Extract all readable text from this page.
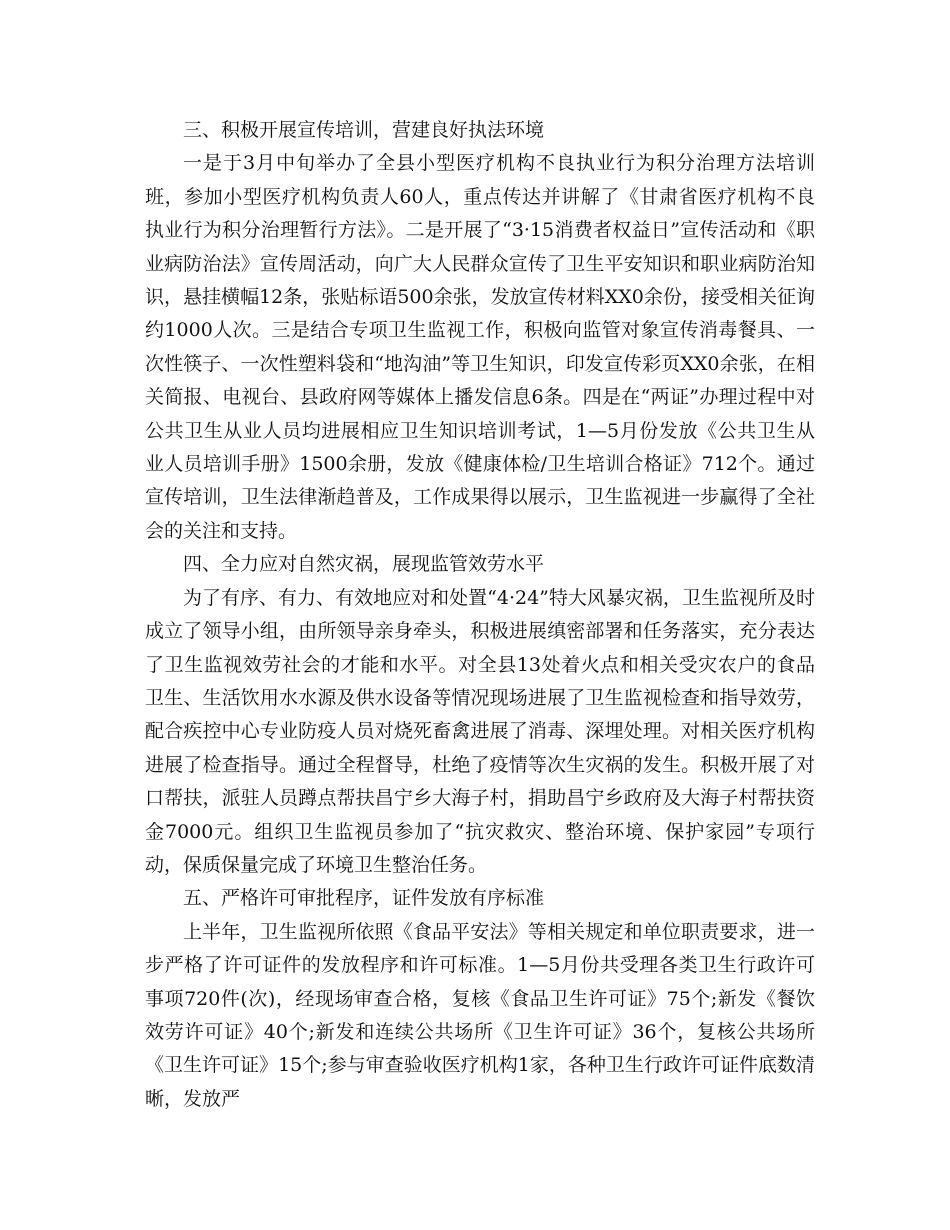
三、积极开展宣传培训，营建良好执法环境

一是于3月中旬举办了全县小型医疗机构不良执业行为积分治理方法培训班，参加小型医疗机构负责人60人，重点传达并讲解了《甘肃省医疗机构不良执业行为积分治理暂行方法》。二是开展了“3·15消费者权益日”宣传活动和《职业病防治法》宣传周活动，向广大人民群众宣传了卫生平安知识和职业病防治知识，悬挂横幅12条，张贴标语500余张，发放宣传材料XX0余份，接受相关征询约1000人次。三是结合专项卫生监视工作，积极向监管对象宣传消毒餐具、一次性筷子、一次性塑料袋和“地沟油”等卫生知识，印发宣传彩页XX0余张，在相关简报、电视台、县政府网等媒体上播发信息6条。四是在“两证”办理过程中对公共卫生从业人员均进展相应卫生知识培训考试，1—5月份发放《公共卫生从业人员培训手册》1500余册，发放《健康体检/卫生培训合格证》712个。通过宣传培训，卫生法律渐趋普及，工作成果得以展示，卫生监视进一步赢得了全社会的关注和支持。

四、全力应对自然灾祸，展现监管效劳水平

为了有序、有力、有效地应对和处置“4·24”特大风暴灾祸，卫生监视所及时成立了领导小组，由所领导亲身牵头，积极进展缜密部署和任务落实，充分表达了卫生监视效劳社会的才能和水平。对全县13处着火点和相关受灾农户的食品卫生、生活饮用水水源及供水设备等情况现场进展了卫生监视检查和指导效劳，配合疾控中心专业防疫人员对烧死畜禽进展了消毒、深埋处理。对相关医疗机构进展了检查指导。通过全程督导，杜绝了疫情等次生灾祸的发生。积极开展了对口帮扶，派驻人员蹲点帮扶昌宁乡大海子村，捐助昌宁乡政府及大海子村帮扶资金7000元。组织卫生监视员参加了“抗灾救灾、整治环境、保护家园”专项行动，保质保量完成了环境卫生整治任务。

五、严格许可审批程序，证件发放有序标准

上半年，卫生监视所依照《食品平安法》等相关规定和单位职责要求，进一步严格了许可证件的发放程序和许可标准。1—5月份共受理各类卫生行政许可事项720件(次)，经现场审查合格，复核《食品卫生许可证》75个;新发《餐饮效劳许可证》40个;新发和连续公共场所《卫生许可证》36个，复核公共场所《卫生许可证》15个;参与审查验收医疗机构1家，各种卫生行政许可证件底数清晰，发放严
